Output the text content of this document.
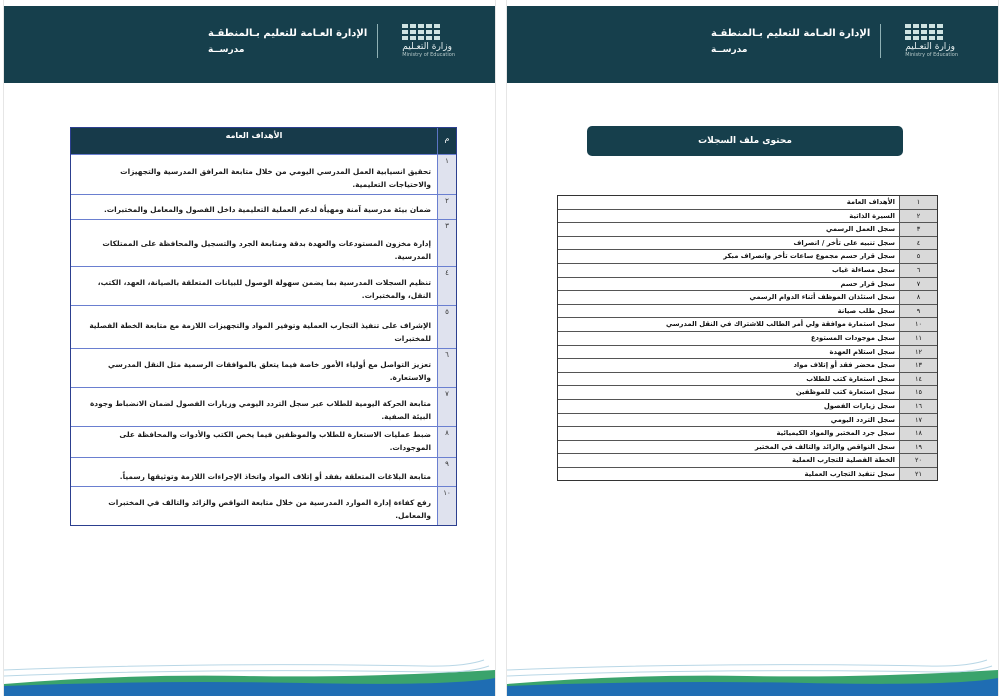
وزارة التعـليم
Ministry of Education
الإدارة العـامة للتعليم بـالمنطقـة
مدرســة
م
الأهداف العامه
١
تحقيق انسيابية العمل المدرسي اليومي من خلال متابعة المرافق المدرسية والتجهيزات والاحتياجات التعليمية.
٢
ضمان بيئة مدرسية آمنة ومهيأة لدعم العملية التعليمية داخل الفصول والمعامل والمختبرات.
٣
إدارة مخزون المستودعات والعهدة بدقة ومتابعة الجرد والتسجيل والمحافظة على الممتلكات المدرسية.
٤
تنظيم السجلات المدرسية بما يضمن سهولة الوصول للبيانات المتعلقة بالصيانة، العهد، الكتب، النقل، والمختبرات.
٥
الإشراف على تنفيذ التجارب العملية وتوفير المواد والتجهيزات اللازمة مع متابعة الخطة الفصلية للمختبرات
٦
تعزيز التواصل مع أولياء الأمور خاصة فيما يتعلق بالموافقات الرسمية مثل النقل المدرسي والاستعارة.
٧
متابعة الحركة اليومية للطلاب عبر سجل التردد اليومي وزيارات الفصول لضمان الانضباط وجودة البيئة الصفية.
٨
ضبط عمليات الاستعارة للطلاب والموظفين فيما يخص الكتب والأدوات والمحافظة على الموجودات.
٩
متابعة البلاغات المتعلقة بفقد أو إتلاف المواد واتخاذ الإجراءات اللازمة وتوثيقها رسمياً.
١٠
رفع كفاءة إدارة الموارد المدرسية من خلال متابعة النواقص والزائد والتالف في المختبرات والمعامل.
وزارة التعـليم
Ministry of Education
الإدارة العـامة للتعليم بـالمنطقـة
مدرســة
محتوى ملف السجلات
١
الأهداف العامة
٢
السيرة الذاتية
٣
سجل العمل الرسمي
٤
سجل تنبيه على تأخر / انصراف
٥
سجل قرار حسم مجموع ساعات تأخر وانصراف مبكر
٦
سجل مساءلة غياب
٧
سجل قرار حسم
٨
سجل استئذان الموظف أثناء الدوام الرسمي
٩
سجل طلب صيانة
١٠
سجل استمارة موافقة ولي أمر الطالب للاشتراك في النقل المدرسي
١١
سجل موجودات المستودع
١٢
سجل استلام العهدة
١٣
سجل محضر فقد أو إتلاف مواد
١٤
سجل استعارة كتب للطلاب
١٥
سجل استعارة كتب للموظفين
١٦
سجل زيارات الفصول
١٧
سجل التردد اليومي
١٨
سجل جرد المختبر والمواد الكيميائية
١٩
سجل النواقص والزائد والتالف في المختبر
٢٠
الخطة الفصلية للتجارب العملية
٢١
سجل تنفيذ التجارب العملية
